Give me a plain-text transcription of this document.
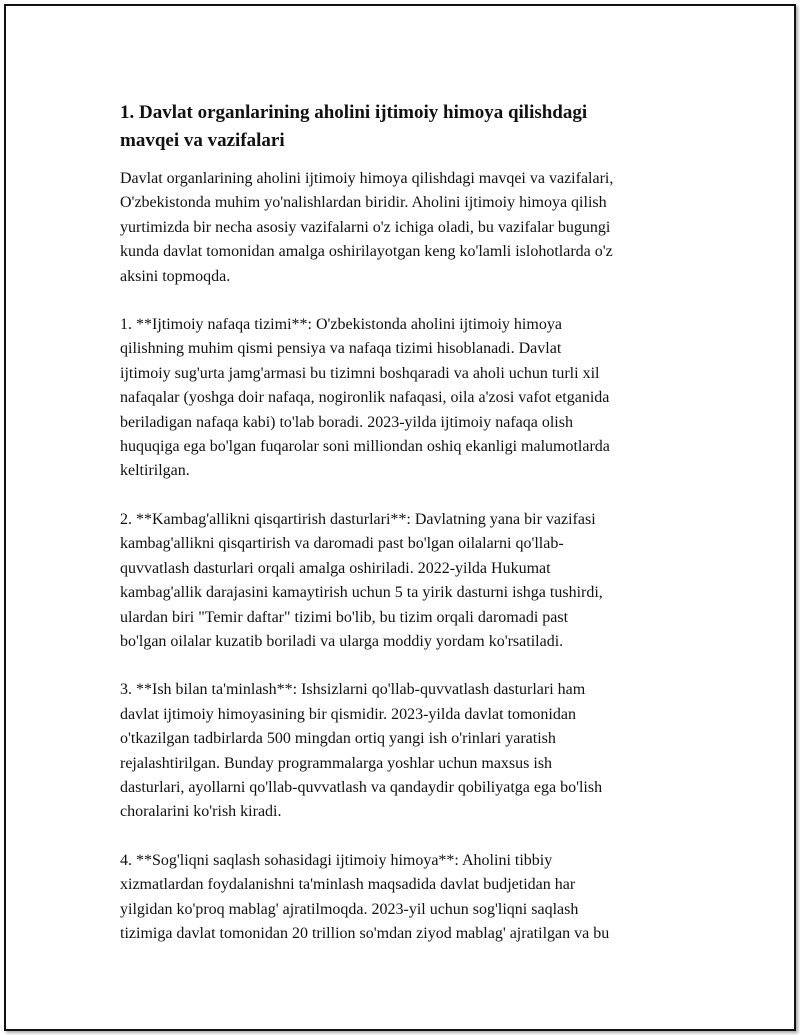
1. Davlat organlarining aholini ijtimoiy himoya qilishdagi
mavqei va vazifalari

Davlat organlarining aholini ijtimoiy himoya qilishdagi mavqei va vazifalari,
O'zbekistonda muhim yo'nalishlardan biridir. Aholini ijtimoiy himoya qilish
yurtimizda bir necha asosiy vazifalarni o'z ichiga oladi, bu vazifalar bugungi
kunda davlat tomonidan amalga oshirilayotgan keng ko'lamli islohotlarda o'z
aksini topmoqda.

1. **Ijtimoiy nafaqa tizimi**: O'zbekistonda aholini ijtimoiy himoya
qilishning muhim qismi pensiya va nafaqa tizimi hisoblanadi. Davlat
ijtimoiy sug'urta jamg'armasi bu tizimni boshqaradi va aholi uchun turli xil
nafaqalar (yoshga doir nafaqa, nogironlik nafaqasi, oila a'zosi vafot etganida
beriladigan nafaqa kabi) to'lab boradi. 2023-yilda ijtimoiy nafaqa olish
huquqiga ega bo'lgan fuqarolar soni milliondan oshiq ekanligi malumotlarda
keltirilgan.

2. **Kambag'allikni qisqartirish dasturlari**: Davlatning yana bir vazifasi
kambag'allikni qisqartirish va daromadi past bo'lgan oilalarni qo'llab-
quvvatlash dasturlari orqali amalga oshiriladi. 2022-yilda Hukumat
kambag'allik darajasini kamaytirish uchun 5 ta yirik dasturni ishga tushirdi,
ulardan biri "Temir daftar" tizimi bo'lib, bu tizim orqali daromadi past
bo'lgan oilalar kuzatib boriladi va ularga moddiy yordam ko'rsatiladi.

3. **Ish bilan ta'minlash**: Ishsizlarni qo'llab-quvvatlash dasturlari ham
davlat ijtimoiy himoyasining bir qismidir. 2023-yilda davlat tomonidan
o'tkazilgan tadbirlarda 500 mingdan ortiq yangi ish o'rinlari yaratish
rejalashtirilgan. Bunday programmalarga yoshlar uchun maxsus ish
dasturlari, ayollarni qo'llab-quvvatlash va qandaydir qobiliyatga ega bo'lish
choralarini ko'rish kiradi.

4. **Sog'liqni saqlash sohasidagi ijtimoiy himoya**: Aholini tibbiy
xizmatlardan foydalanishni ta'minlash maqsadida davlat budjetidan har
yilgidan ko'proq mablag' ajratilmoqda. 2023-yil uchun sog'liqni saqlash
tizimiga davlat tomonidan 20 trillion so'mdan ziyod mablag' ajratilgan va bu
